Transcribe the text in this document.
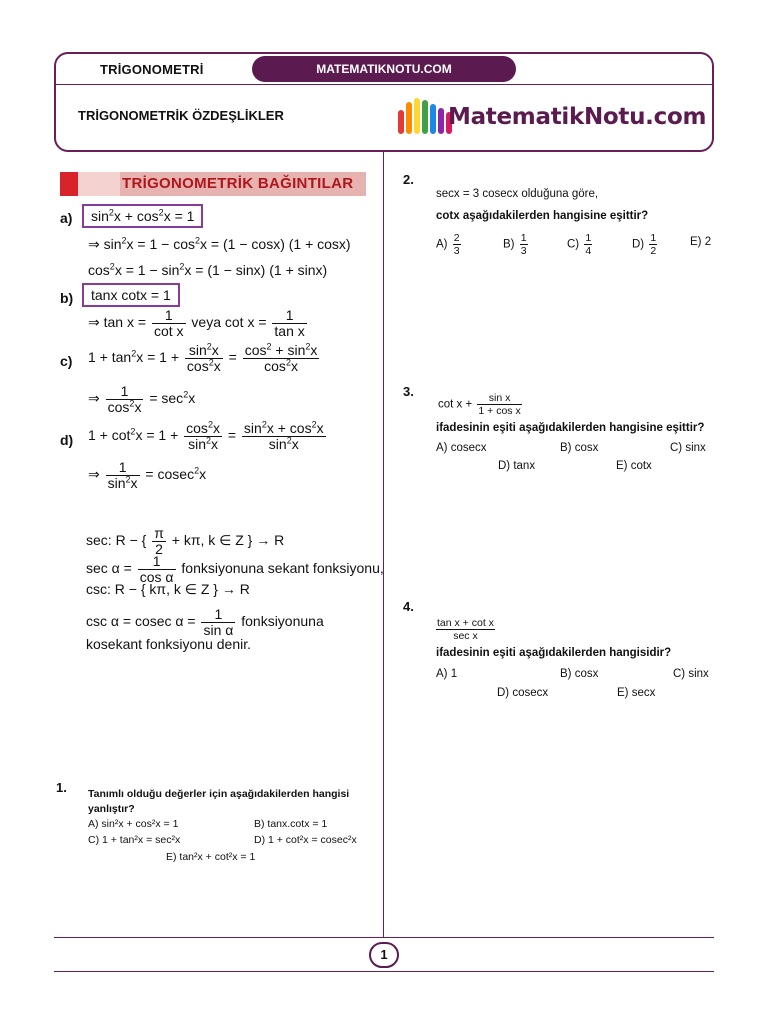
TRİGONOMETRİ	MATEMATIKNOTU.COM
TRİGONOMETRİK ÖZDEŞLİKLER	MatematikNotu.com
TRİGONOMETRİK BAĞINTILAR
a)	$\sin^2x + \cos^2x = 1$
⇒ $\sin^2x = 1 - \cos^2x = (1 - \cos x) (1 + \cos x)$
$\cos^2x = 1 - \sin^2x = (1 - \sin x) (1 + \sin x)$
b)	tanx cotx = 1
⇒ $\tan x = \frac{1}{\text{cot x}}$ veya $\cot x = \frac{1}{\text{tan x}}$
c) $1 + \tan^2x = 1 + \frac{\sin^2x}{\cos^2x} = \frac{\cos^2 + \sin^2x}{\cos^2x}$
⇒ $\frac{1}{\cos^2x} = \sec^2x$
d) $1 + \cot^2x = 1 + \frac{\cos^2x}{\sin^2x} = \frac{\sin^2x + \cos^2x}{\sin^2x}$
⇒ $\frac{1}{\sin^2x} = cosec^2x$
sec: R − { $\frac{\pi}{2} + k\pi$, k ∈ Z } → R
$\sec \alpha = \frac{1}{\text{cos α}}$ fonksiyonuna sekant fonksiyonu,
csc: R − { kπ, k ∈ Z } → R
csc α = cosec $\alpha = \frac{1}{\text{sin α}}$ fonksiyonuna
kosekant fonksiyonu denir.
1. Tanımlı olduğu değerler için aşağıdakilerden hangisi yanlıştır?
A) sin²x + cos²x = 1	B) tanx.cotx = 1
C) 1 + tan²x = sec²x	D) 1 + cot²x = cosec²x
E) tan²x + cot²x = 1
2.
secx = 3 cosecx olduğuna göre,
cotx aşağıdakilerden hangisine eşittir?
$A) \frac{2}{3}$	$B) \frac{1}{3}$	$C) \frac{1}{4}$	$D) \frac{1}{2}$	E) 2
3.
$\cot x + \frac{\text{sin x}}{\text{1 + cos x}}$
ifadesinin eşiti aşağıdakilerden hangisine eşittir?
A) cosecx	B) cosx	C) sinx
D) tanx	E) cotx
4.
tan x + cot x
sec x
ifadesinin eşiti aşağıdakilerden hangisidir?
A) 1	B) cosx	C) sinx
D) cosecx	E) secx
1
